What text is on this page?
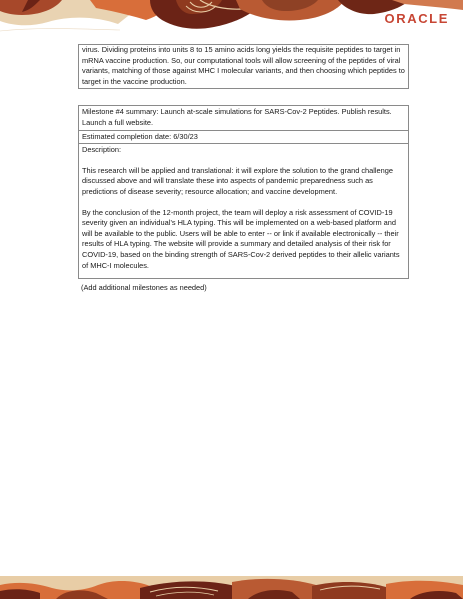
ORACLE
virus. Dividing proteins into units 8 to 15 amino acids long yields the requisite peptides to target in mRNA vaccine production. So, our computational tools will allow screening of the peptides of viral variants, matching of those against MHC I molecular variants, and then choosing which peptides to target in the vaccine production.
Milestone #4 summary: Launch at-scale simulations for SARS-Cov-2 Peptides. Publish results. Launch a full website.
Estimated completion date: 6/30/23
Description:

This research will be applied and translational: it will explore the solution to the grand challenge discussed above and will translate these into aspects of pandemic preparedness such as predictions of disease severity; resource allocation; and vaccine development.

By the conclusion of the 12-month project, the team will deploy a risk assessment of COVID-19 severity given an individual’s HLA typing. This will be implemented on a web-based platform and will be available to the public. Users will be able to enter -- or link if available electronically -- their results of HLA typing. The website will provide a summary and detailed analysis of their risk for COVID-19, based on the binding strength of SARS-Cov-2 derived peptides to their allelic variants of MHC-I molecules.

(Add additional milestones as needed)
